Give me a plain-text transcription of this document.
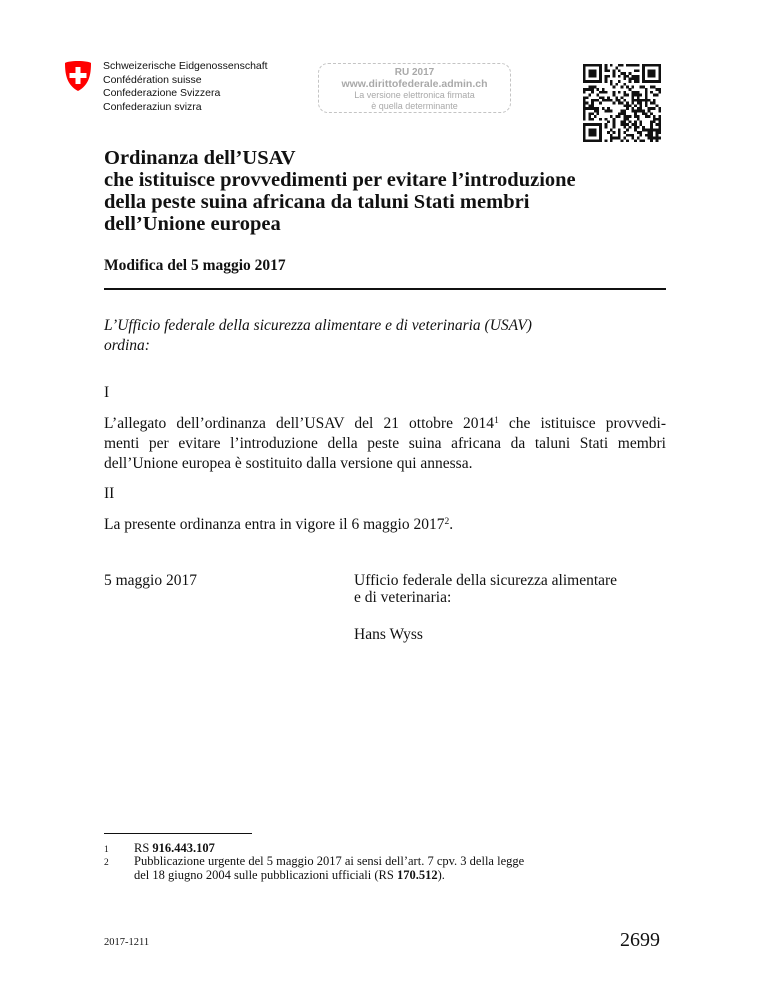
Schweizerische Eidgenossenschaft
Confédération suisse
Confederazione Svizzera
Confederaziun svizra
RU 2017
www.dirittofederale.admin.ch
La versione elettronica firmata
è quella determinante
Ordinanza dell’USAV
che istituisce provvedimenti per evitare l’introduzione
della peste suina africana da taluni Stati membri
dell’Unione europea
Modifica del 5 maggio 2017
L’Ufficio federale della sicurezza alimentare e di veterinaria (USAV)
ordina:
I
L’allegato dell’ordinanza dell’USAV del 21 ottobre 2014$^1$ che istituisce provvedi-
menti per evitare l’introduzione della peste suina africana da taluni Stati membri
dell’Unione europea è sostituito dalla versione qui annessa.
II
La presente ordinanza entra in vigore il 6 maggio 2017$^2$.
5 maggio 2017	Ufficio federale della sicurezza alimentare
e di veterinaria:
Hans Wyss
1 RS 916.443.107
2 Pubblicazione urgente del 5 maggio 2017 ai sensi dell’art. 7 cpv. 3 della legge
del 18 giugno 2004 sulle pubblicazioni ufficiali (RS 170.512).
2017-1211	2699
